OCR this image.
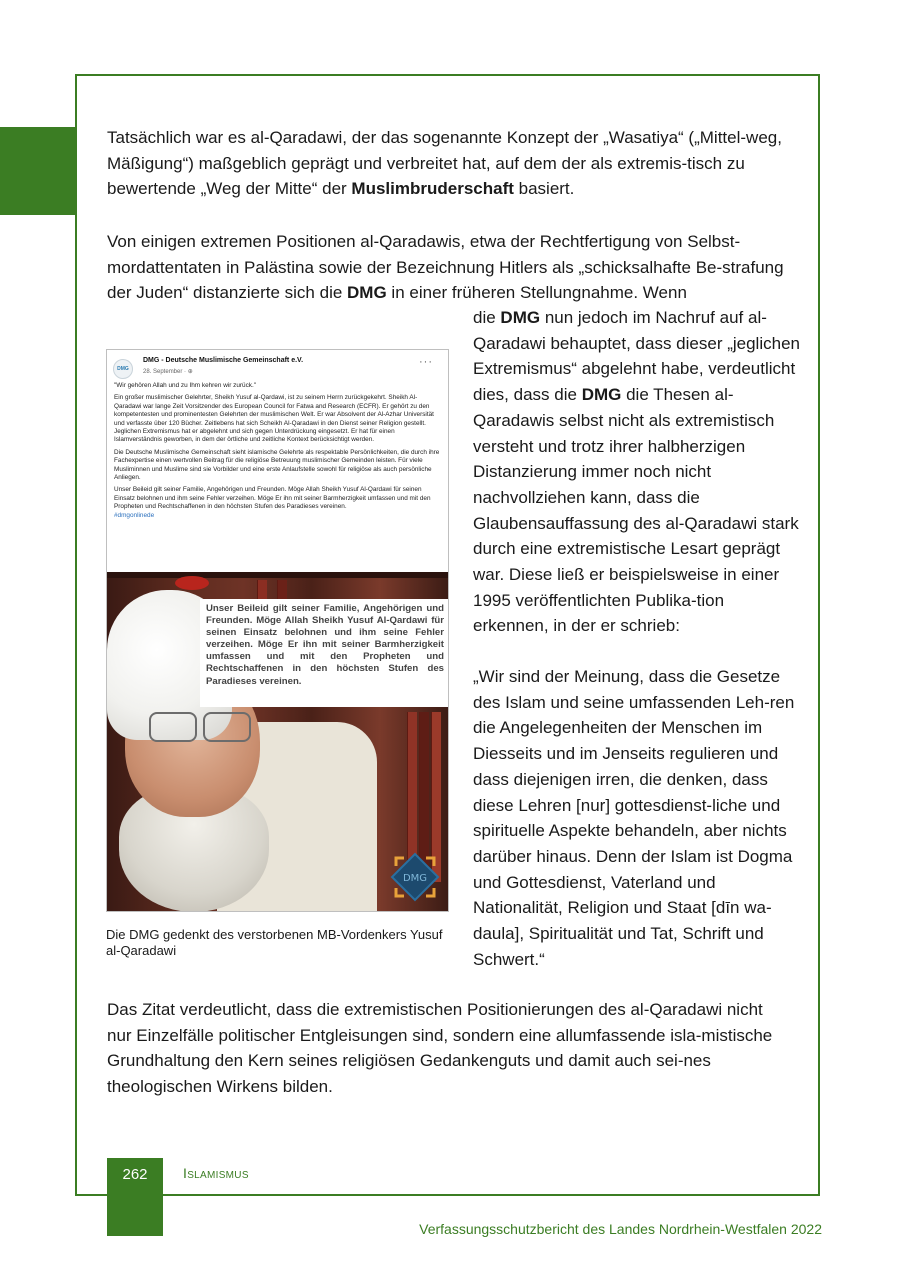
Tatsächlich war es al-Qaradawi, der das sogenannte Konzept der „Wasatiya“ („Mittel-weg, Mäßigung“) maßgeblich geprägt und verbreitet hat, auf dem der als extremis-tisch zu bewertende „Weg der Mitte“ der Muslimbruderschaft basiert.

Von einigen extremen Positionen al-Qaradawis, etwa der Rechtfertigung von Selbst-mordattentaten in Palästina sowie der Bezeichnung Hitlers als „schicksalhafte Be-strafung der Juden“ distanzierte sich die DMG in einer früheren Stellungnahme. Wenn

die DMG nun jedoch im Nachruf auf al-Qaradawi behauptet, dass dieser „jeglichen Extremismus“ abgelehnt habe, verdeutlicht dies, dass die DMG die Thesen al-Qaradawis selbst nicht als extremistisch versteht und trotz ihrer halbherzigen Distanzierung immer noch nicht nachvollziehen kann, dass die Glaubensauffassung des al-Qaradawi stark durch eine extremistische Lesart geprägt war. Diese ließ er beispielsweise in einer 1995 veröffentlichten Publika-tion erkennen, in der er schrieb:

„Wir sind der Meinung, dass die Gesetze des Islam und seine umfassenden Leh-ren die Angelegenheiten der Menschen im Diesseits und im Jenseits regulieren und dass diejenigen irren, die denken, dass diese Lehren [nur] gottesdienst-liche und spirituelle Aspekte behandeln, aber nichts darüber hinaus. Denn der Islam ist Dogma und Gottesdienst, Vaterland und Nationalität, Religion und Staat [dīn wa-daula], Spiritualität und Tat, Schrift und Schwert.“

DMG
DMG - Deutsche Muslimische Gemeinschaft e.V.
28. September · ⊕
···

"Wir gehören Allah und zu Ihm kehren wir zurück."

Ein großer muslimischer Gelehrter, Sheikh Yusuf al-Qardawi, ist zu seinem Herrn zurückgekehrt. Sheikh Al-Qaradawi war lange Zeit Vorsitzender des European Council for Fatwa and Research (ECFR). Er gehört zu den kompetentesten und prominentesten Gelehrten der muslimischen Welt. Er war Absolvent der Al-Azhar Universität und verfasste über 120 Bücher. Zeitlebens hat sich Scheikh Al-Qaradawi in den Dienst seiner Religion gestellt. Jeglichen Extremismus hat er abgelehnt und sich gegen Unterdrückung eingesetzt. Er hat für einen Islamverständnis geworben, in dem der örtliche und zeitliche Kontext berücksichtigt werden.

Die Deutsche Muslimische Gemeinschaft sieht islamische Gelehrte als respektable Persönlichkeiten, die durch ihre Fachexpertise einen wertvollen Beitrag für die religiöse Betreuung muslimischer Gemeinden leisten. Für viele Musliminnen und Muslime sind sie Vorbilder und eine erste Anlaufstelle sowohl für religiöse als auch persönliche Anliegen.

Unser Beileid gilt seiner Familie, Angehörigen und Freunden. Möge Allah Sheikh Yusuf Al-Qardawi für seinen Einsatz belohnen und ihm seine Fehler verzeihen. Möge Er ihn mit seiner Barmherzigkeit umfassen und mit den Propheten und Rechtschaffenen in den höchsten Stufen des Paradieses vereinen.
#dmgonlinede

Unser Beileid gilt seiner Familie, Angehörigen und Freunden. Möge Allah Sheikh Yusuf Al-Qardawi für seinen Einsatz belohnen und ihm seine Fehler verzeihen. Möge Er ihn mit seiner Barmherzigkeit umfassen und mit den Propheten und Rechtschaffenen in den höchsten Stufen des Paradieses vereinen.

DMG
Die DMG gedenkt des verstorbenen MB-Vordenkers Yusuf al-Qaradawi

Das Zitat verdeutlicht, dass die extremistischen Positionierungen des al-Qaradawi nicht nur Einzelfälle politischer Entgleisungen sind, sondern eine allumfassende isla-mistische Grundhaltung den Kern seines religiösen Gedankenguts und damit auch sei-nes theologischen Wirkens bilden.

262	Islamismus
Verfassungsschutzbericht des Landes Nordrhein-Westfalen 2022
